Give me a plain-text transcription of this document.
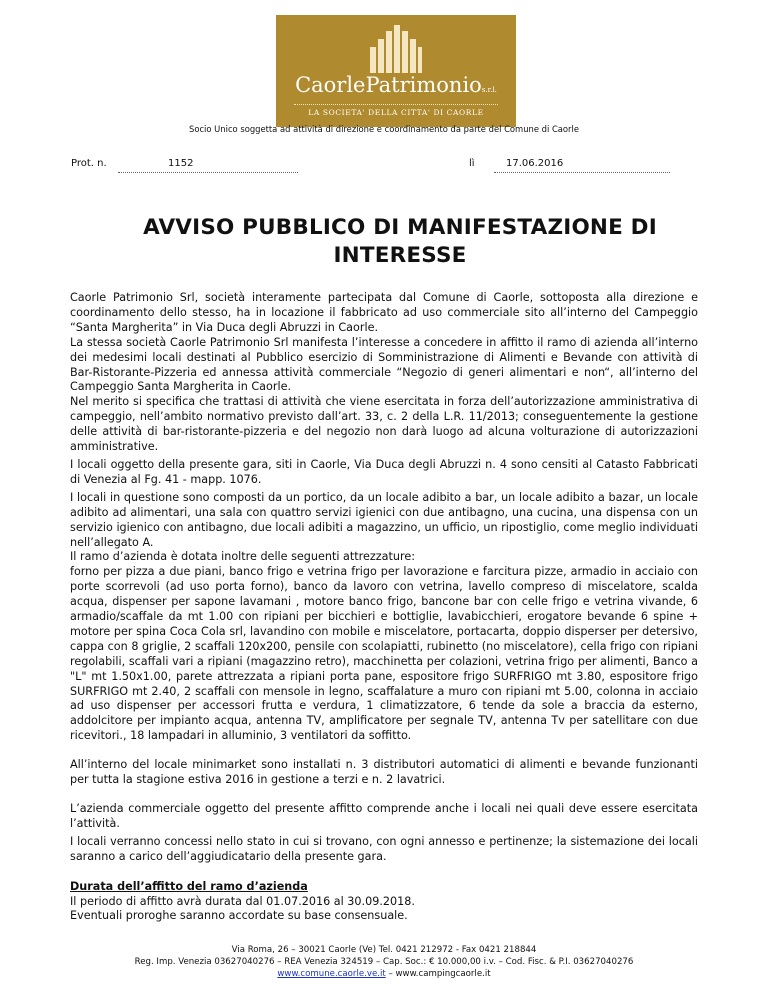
CaorlePatrimonios.r.l.
LA SOCIETA' DELLA CITTA' DI CAORLE
Socio Unico soggetta ad attività di direzione e coordinamento da parte del Comune di Caorle
Prot. n.	1152	lì	17.06.2016
AVVISO PUBBLICO DI MANIFESTAZIONE DI
INTERESSE

Caorle Patrimonio Srl, società interamente partecipata dal Comune di Caorle, sottoposta alla direzione e coordinamento dello stesso, ha in locazione il fabbricato ad uso commerciale sito all’interno del Campeggio “Santa Margherita” in Via Duca degli Abruzzi in Caorle.

La stessa società Caorle Patrimonio Srl manifesta l’interesse a concedere in affitto il ramo di azienda all’interno dei medesimi locali destinati al Pubblico esercizio di Somministrazione di Alimenti e Bevande con attività di Bar-Ristorante-Pizzeria ed annessa attività commerciale “Negozio di generi alimentari e non“, all’interno del Campeggio Santa Margherita in Caorle.

Nel merito si specifica che trattasi di attività che viene esercitata in forza dell’autorizzazione amministrativa di campeggio, nell’ambito normativo previsto dall’art. 33, c. 2 della L.R. 11/2013; conseguentemente la gestione delle attività di bar-ristorante-pizzeria e del negozio non darà luogo ad alcuna volturazione di autorizzazioni amministrative.

I locali oggetto della presente gara, siti in Caorle, Via Duca degli Abruzzi n. 4 sono censiti al Catasto Fabbricati di Venezia al Fg. 41 - mapp. 1076.

I locali in questione sono composti da un portico, da un locale adibito a bar, un locale adibito a bazar, un locale adibito ad alimentari, una sala con quattro servizi igienici con due antibagno, una cucina, una dispensa con un servizio igienico con antibagno, due locali adibiti a magazzino, un ufficio, un ripostiglio, come meglio individuati nell’allegato A.

Il ramo d’azienda è dotata inoltre delle seguenti attrezzature:

forno per pizza a due piani, banco frigo e vetrina frigo per lavorazione e farcitura pizze, armadio in acciaio con porte scorrevoli (ad uso porta forno), banco da lavoro con vetrina, lavello compreso di miscelatore, scalda acqua, dispenser per sapone lavamani , motore banco frigo, bancone bar con celle frigo e vetrina vivande, 6 armadio/scaffale da mt 1.00 con ripiani per bicchieri e bottiglie, lavabicchieri, erogatore bevande 6 spine + motore per spina Coca Cola srl, lavandino con mobile e miscelatore, portacarta, doppio disperser per detersivo, cappa con 8 griglie, 2 scaffali 120x200, pensile con scolapiatti, rubinetto (no miscelatore), cella frigo con ripiani regolabili, scaffali vari a ripiani (magazzino retro), macchinetta per colazioni, vetrina frigo per alimenti, Banco a "L" mt 1.50x1.00, parete attrezzata a ripiani porta pane, espositore frigo SURFRIGO mt 3.80, espositore frigo SURFRIGO mt 2.40, 2 scaffali con mensole in legno, scaffalature a muro con ripiani mt 5.00, colonna in acciaio ad uso dispenser per accessori frutta e verdura, 1 climatizzatore, 6 tende da sole a braccia da esterno, addolcitore per impianto acqua, antenna TV, amplificatore per segnale TV, antenna Tv per satellitare con due ricevitori., 18 lampadari in alluminio, 3 ventilatori da soffitto.

All’interno del locale minimarket sono installati n. 3 distributori automatici di alimenti e bevande funzionanti per tutta la stagione estiva 2016 in gestione a terzi e n. 2 lavatrici.

L’azienda commerciale oggetto del presente affitto comprende anche i locali nei quali deve essere esercitata l’attività.

I locali verranno concessi nello stato in cui si trovano, con ogni annesso e pertinenze; la sistemazione dei locali saranno a carico dell’aggiudicatario della presente gara.

Durata dell’affitto del ramo d’azienda

Il periodo di affitto avrà durata dal 01.07.2016 al 30.09.2018.

Eventuali proroghe saranno accordate su base consensuale.

Via Roma, 26 – 30021 Caorle (Ve) Tel. 0421 212972 - Fax 0421 218844
Reg. Imp. Venezia 03627040276 – REA Venezia 324519 – Cap. Soc.: € 10.000,00 i.v. – Cod. Fisc. & P.I. 03627040276
www.comune.caorle.ve.it – www.campingcaorle.it
